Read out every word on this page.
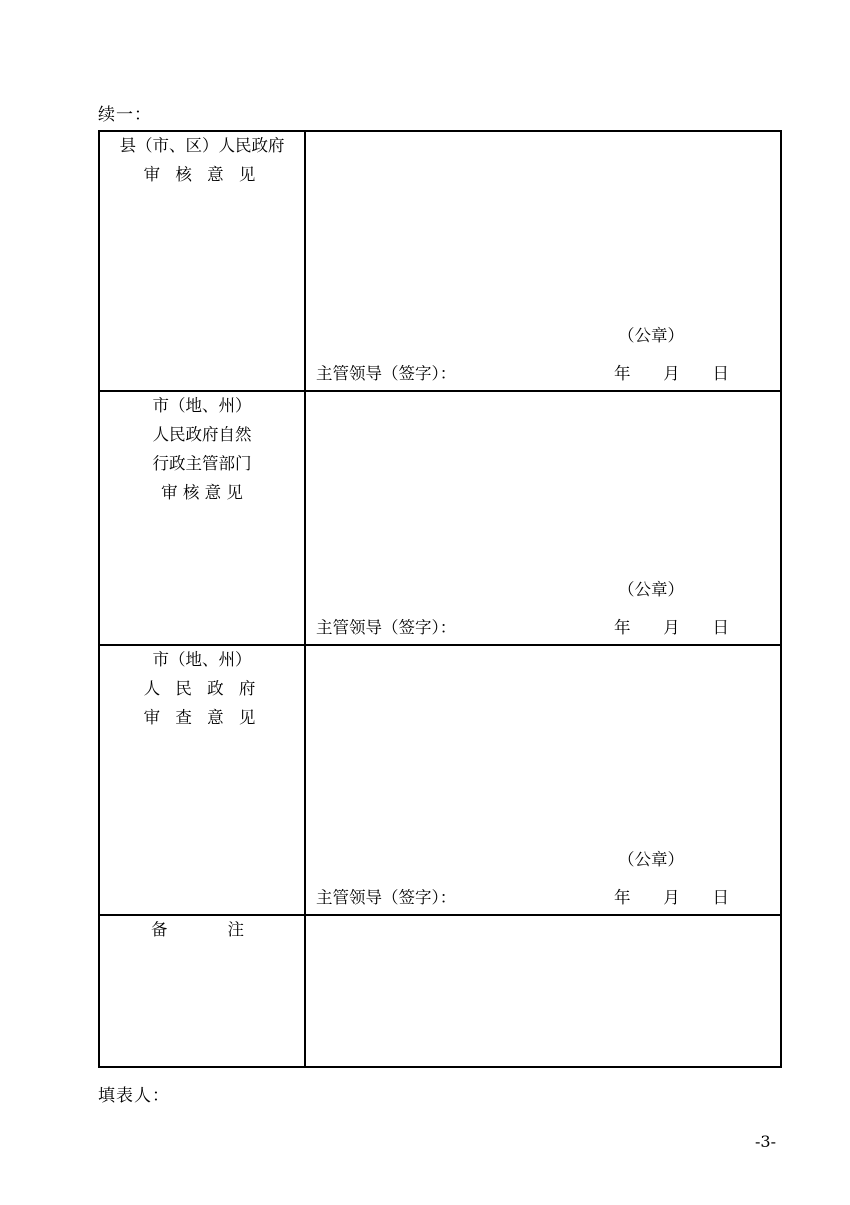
续一：
县（市、区）人民政府
审 核 意 见

（公章）
主管领导（签字）：	年 月 日

市（地、州）
人民政府自然
行政主管部门
审 核 意 见

（公章）
主管领导（签字）：	年 月 日

市（地、州）
人 民 政 府
审 查 意 见

（公章）
主管领导（签字）：	年 月 日

备　　注	

填表人：
-3-
